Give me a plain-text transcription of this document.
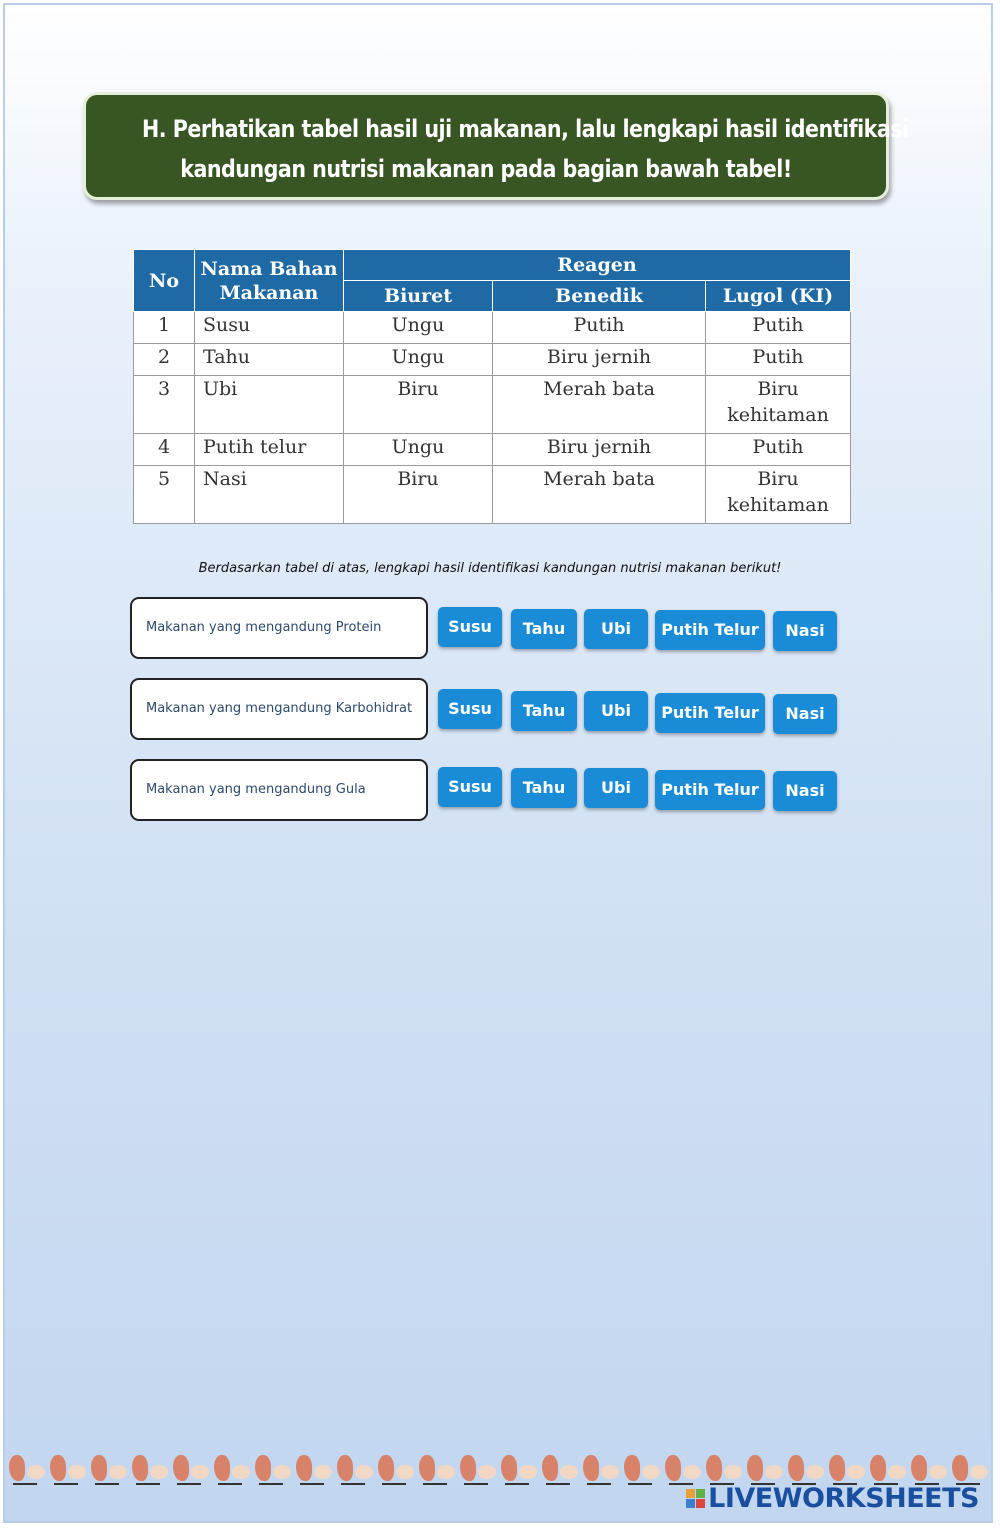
H. Perhatikan tabel hasil uji makanan, lalu lengkapi hasil identifikasi
kandungan nutrisi makanan pada bagian bawah tabel!
No	Nama Bahan Makanan	Reagen		
		Biuret	Benedik	Lugol (KI)
1	Susu	Ungu	Putih	Putih
2	Tahu	Ungu	Biru jernih	Putih
3	Ubi	Biru	Merah bata	Biru kehitaman
4	Putih telur	Ungu	Biru jernih	Putih
5	Nasi	Biru	Merah bata	Biru kehitaman
Berdasarkan tabel di atas, lengkapi hasil identifikasi kandungan nutrisi makanan berikut!
Makanan yang mengandung Protein	Susu	Tahu	Ubi	Putih Telur	Nasi
Makanan yang mengandung Karbohidrat	Susu	Tahu	Ubi	Putih Telur	Nasi
Makanan yang mengandung Gula	Susu	Tahu	Ubi	Putih Telur	Nasi
LIVEWORKSHEETS
